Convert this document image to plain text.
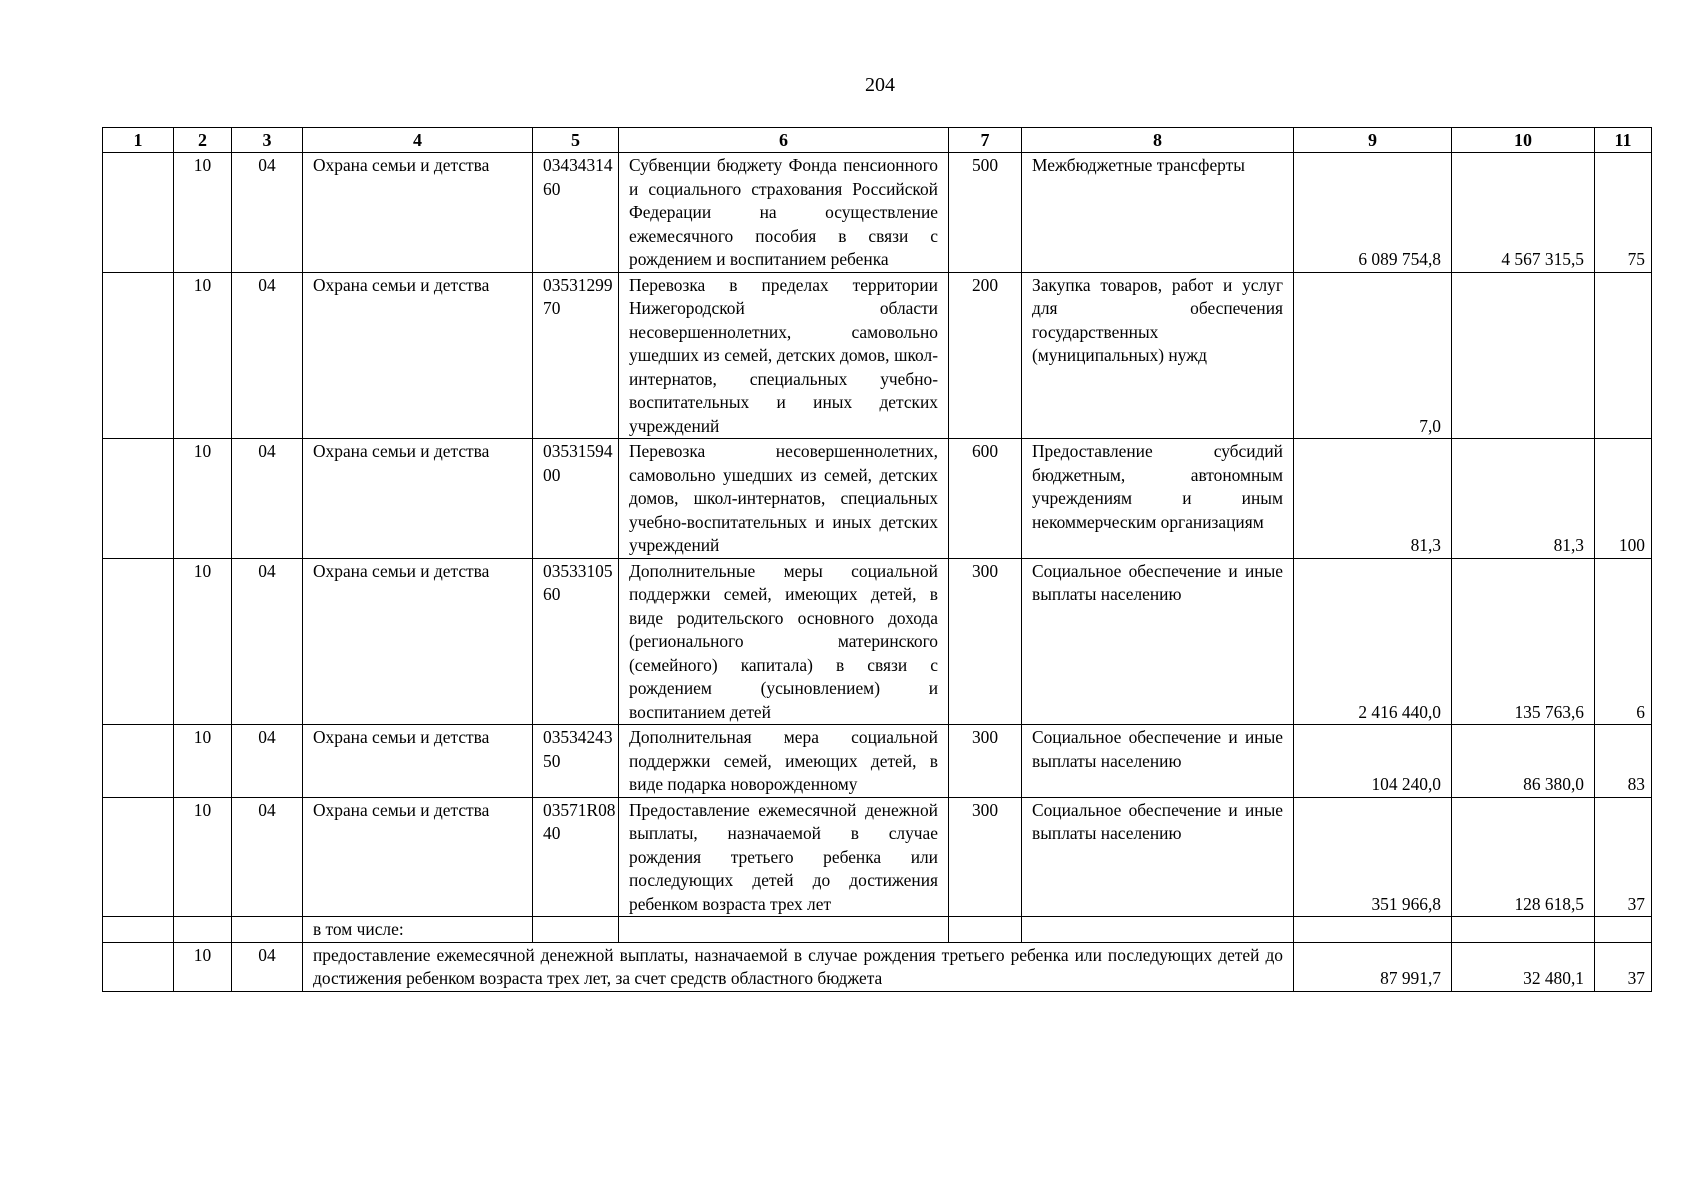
204
1	2	3	4	5	6	7	8	9	10	11
	10	04	Охрана семьи и детства	0343431460	Субвенции бюджету Фонда пенсионного и социального страхования Российской Федерации на осуществление ежемесячного пособия в связи с рождением и воспитанием ребенка	500	Межбюджетные трансферты	6 089 754,8	4 567 315,5	75
	10	04	Охрана семьи и детства	0353129970	Перевозка в пределах территории Нижегородской области несовершеннолетних, самовольно ушедших из семей, детских домов, школ-интернатов, специальных учебно-воспитательных и иных детских учреждений	200	Закупка товаров, работ и услуг для обеспечения государственных (муниципальных) нужд	7,0		
	10	04	Охрана семьи и детства	0353159400	Перевозка несовершеннолетних, самовольно ушедших из семей, детских домов, школ-интернатов, специальных учебно-воспитательных и иных детских учреждений	600	Предоставление субсидий бюджетным, автономным учреждениям и иным некоммерческим организациям	81,3	81,3	100
	10	04	Охрана семьи и детства	0353310560	Дополнительные меры социальной поддержки семей, имеющих детей, в виде родительского основного дохода (регионального материнского (семейного) капитала) в связи с рождением (усыновлением) и воспитанием детей	300	Социальное обеспечение и иные выплаты населению	2 416 440,0	135 763,6	6
	10	04	Охрана семьи и детства	0353424350	Дополнительная мера социальной поддержки семей, имеющих детей, в виде подарка новорожденному	300	Социальное обеспечение и иные выплаты населению	104 240,0	86 380,0	83
	10	04	Охрана семьи и детства	03571R0840	Предоставление ежемесячной денежной выплаты, назначаемой в случае рождения третьего ребенка или последующих детей до достижения ребенком возраста трех лет	300	Социальное обеспечение и иные выплаты населению	351 966,8	128 618,5	37
			в том числе:							
	10	04	предоставление ежемесячной денежной выплаты, назначаемой в случае рождения третьего ребенка или последующих детей до достижения ребенком возраста трех лет, за счет средств областного бюджета					87 991,7	32 480,1	37
